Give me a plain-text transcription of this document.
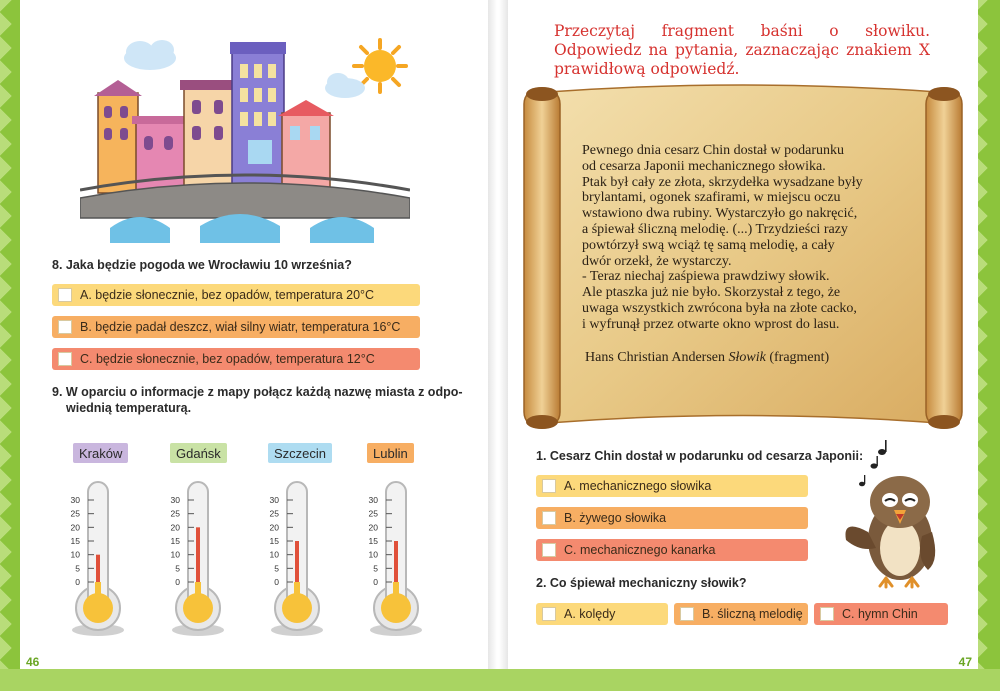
8. Jaka będzie pogoda we Wrocławiu 10 września?
A. będzie słonecznie, bez opadów, temperatura 20°C
B. będzie padał deszcz, wiał silny wiatr, temperatura 16°C
C. będzie słonecznie, bez opadów, temperatura 12°C
9. W oparciu o informacje z mapy połącz każdą nazwę miasta z odpo-
wiednią temperaturą.
Kraków	Gdańsk	Szczecin	Lublin
30
25
20
15
10
5
0
30
25
20
15
10
5
0
30
25
20
15
10
5
0
30
25
20
15
10
5
0
Przeczytaj fragment baśni o słowiku. Odpowiedz na pytania, zaznaczając znakiem X prawidłową odpowiedź.

Pewnego dnia cesarz Chin dostał w podarunku

od cesarza Japonii mechanicznego słowika.

Ptak był cały ze złota, skrzydełka wysadzane były

brylantami, ogonek szafirami, w miejscu oczu

wstawiono dwa rubiny. Wystarczyło go nakręcić,

a śpiewał śliczną melodię. (...) Trzydzieści razy

powtórzył swą wciąż tę samą melodię, a cały

dwór orzekł, że wystarczy.

- Teraz niechaj zaśpiewa prawdziwy słowik.

Ale ptaszka już nie było. Skorzystał z tego, że

uwaga wszystkich zwrócona była na złote cacko,

i wyfrunął przez otwarte okno wprost do lasu.

Hans Christian Andersen Słowik (fragment)
1. Cesarz Chin dostał w podarunku od cesarza Japonii:
A. mechanicznego słowika
B. żywego słowika
C. mechanicznego kanarka
2. Co śpiewał mechaniczny słowik?
A. kolędy	B. śliczną melodię	C. hymn Chin
46	47
